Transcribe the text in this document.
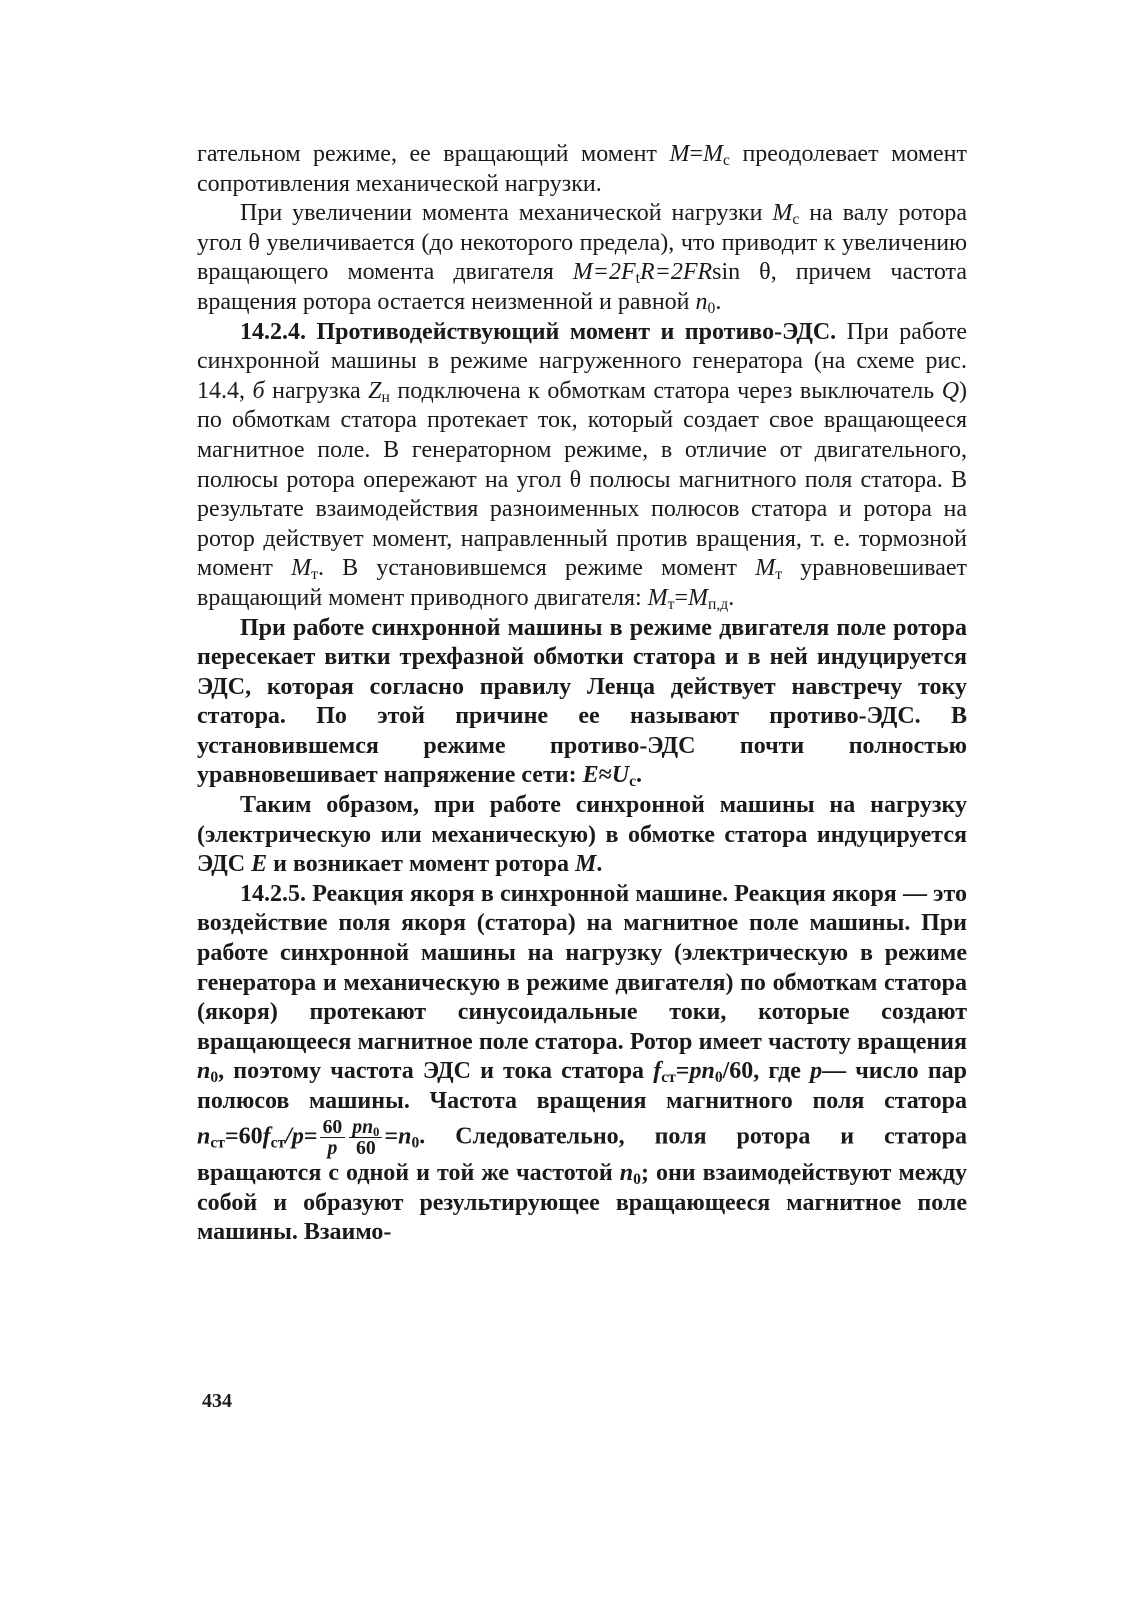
гательном режиме, ее вращающий момент $M=M_c$ преодолевает момент сопротивления механической нагрузки.

При увеличении момента механической нагрузки $M_c$ на валу ротора угол θ увеличивается (до некоторого предела), что приводит к увеличению вращающего момента двигателя $M=2F_tR=2FRsin$ θ, причем частота вращения ротора остается неизменной и равной $n_0$.

14.2.4. Противодействующий момент и противо-ЭДС. При работе синхронной машины в режиме нагруженного генератора (на схеме рис. 14.4, б нагрузка $Z_н$ подключена к обмоткам статора через выключатель Q) по обмоткам статора протекает ток, который создает свое вращающееся магнитное поле. В генераторном режиме, в отличие от двигательного, полюсы ротора опережают на угол θ полюсы магнитного поля статора. В результате взаимодействия разноименных полюсов статора и ротора на ротор действует момент, направленный против вращения, т. е. тормозной момент $M_т$. В установившемся режиме момент $M_т$ уравновешивает вращающий момент приводного двигателя: $M_т=M_{п,д}$.

При работе синхронной машины в режиме двигателя поле ротора пересекает витки трехфазной обмотки статора и в ней индуцируется ЭДС, которая согласно правилу Ленца действует навстречу току статора. По этой причине ее называют противо-ЭДС. В установившемся режиме противо-ЭДС почти полностью уравновешивает напряжение сети: $E\approx U_c$.

Таким образом, при работе синхронной машины на нагрузку (электрическую или механическую) в обмотке статора индуцируется ЭДС E и возникает момент ротора M.

14.2.5. Реакция якоря в синхронной машине. Реакция якоря — это воздействие поля якоря (статора) на магнитное поле машины. При работе синхронной машины на нагрузку (электрическую в режиме генератора и механическую в режиме двигателя) по обмоткам статора (якоря) протекают синусоидальные токи, которые создают вращающееся магнитное поле статора. Ротор имеет частоту вращения $n_0$, поэтому частота ЭДС и тока статора $f_{ст}=pn_0/60$, где p— число пар полюсов машины. Частота вращения магнитного поля статора $n_{ст}=60f_{ст}/p= \frac{60}{p} \frac{pn_0}{60} =n_0$. Следовательно, поля ротора и статора вращаются с одной и той же частотой $n_0$; они взаимодействуют между собой и образуют результирующее вращающееся магнитное поле машины. Взаимо-

434
